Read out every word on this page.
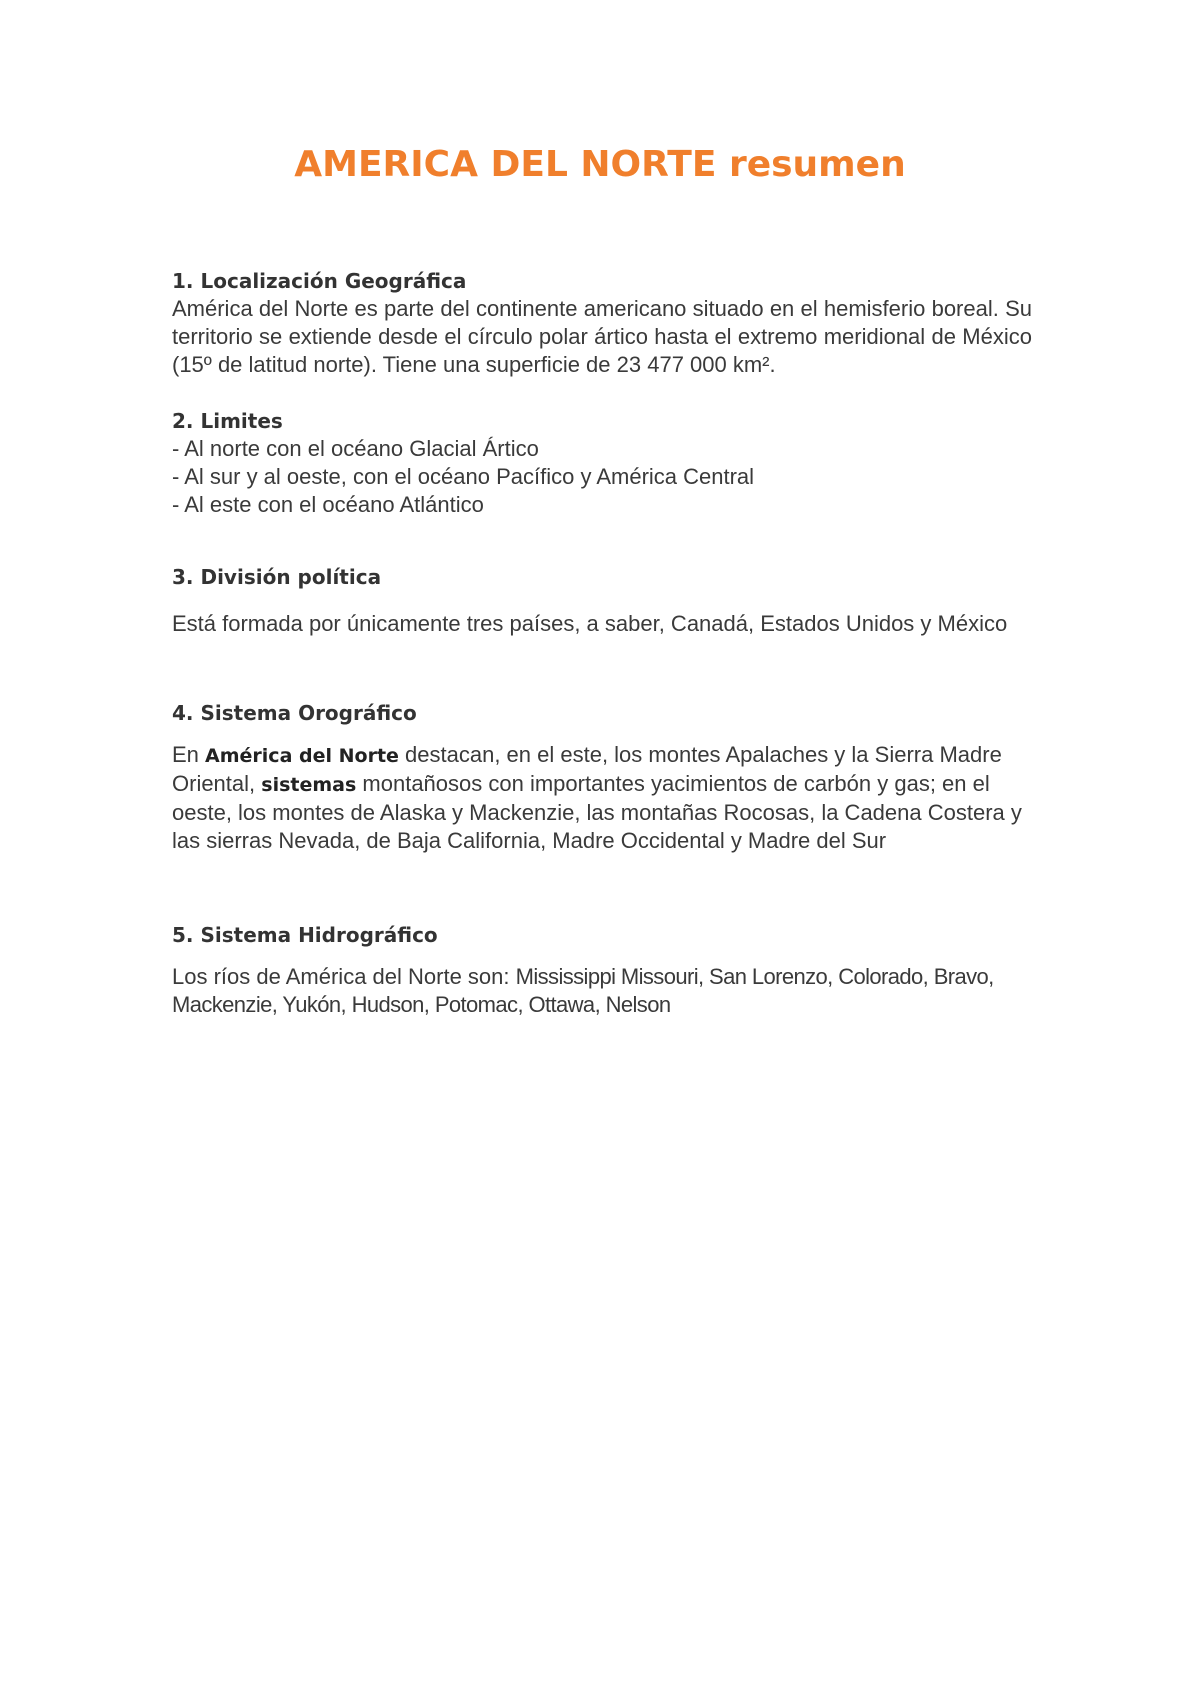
AMERICA DEL NORTE resumen
1. Localización Geográfica

América del Norte es parte del continente americano situado en el hemisferio boreal. Su territorio se extiende desde el círculo polar ártico hasta el extremo meridional de México (15º de latitud norte). Tiene una superficie de 23 477 000 km².

2. Limites

- Al norte con el océano Glacial Ártico
- Al sur y al oeste, con el océano Pacífico y América Central
- Al este con el océano Atlántico

3. División política

Está formada por únicamente tres países, a saber, Canadá, Estados Unidos y México

4. Sistema Orográfico

En América del Norte destacan, en el este, los montes Apalaches y la Sierra Madre Oriental, sistemas montañosos con importantes yacimientos de carbón y gas; en el oeste, los montes de Alaska y Mackenzie, las montañas Rocosas, la Cadena Costera y las sierras Nevada, de Baja California, Madre Occidental y Madre del Sur

5. Sistema Hidrográfico

Los ríos de América del Norte son: Mississippi Missouri, San Lorenzo, Colorado, Bravo, Mackenzie, Yukón, Hudson, Potomac, Ottawa, Nelson
